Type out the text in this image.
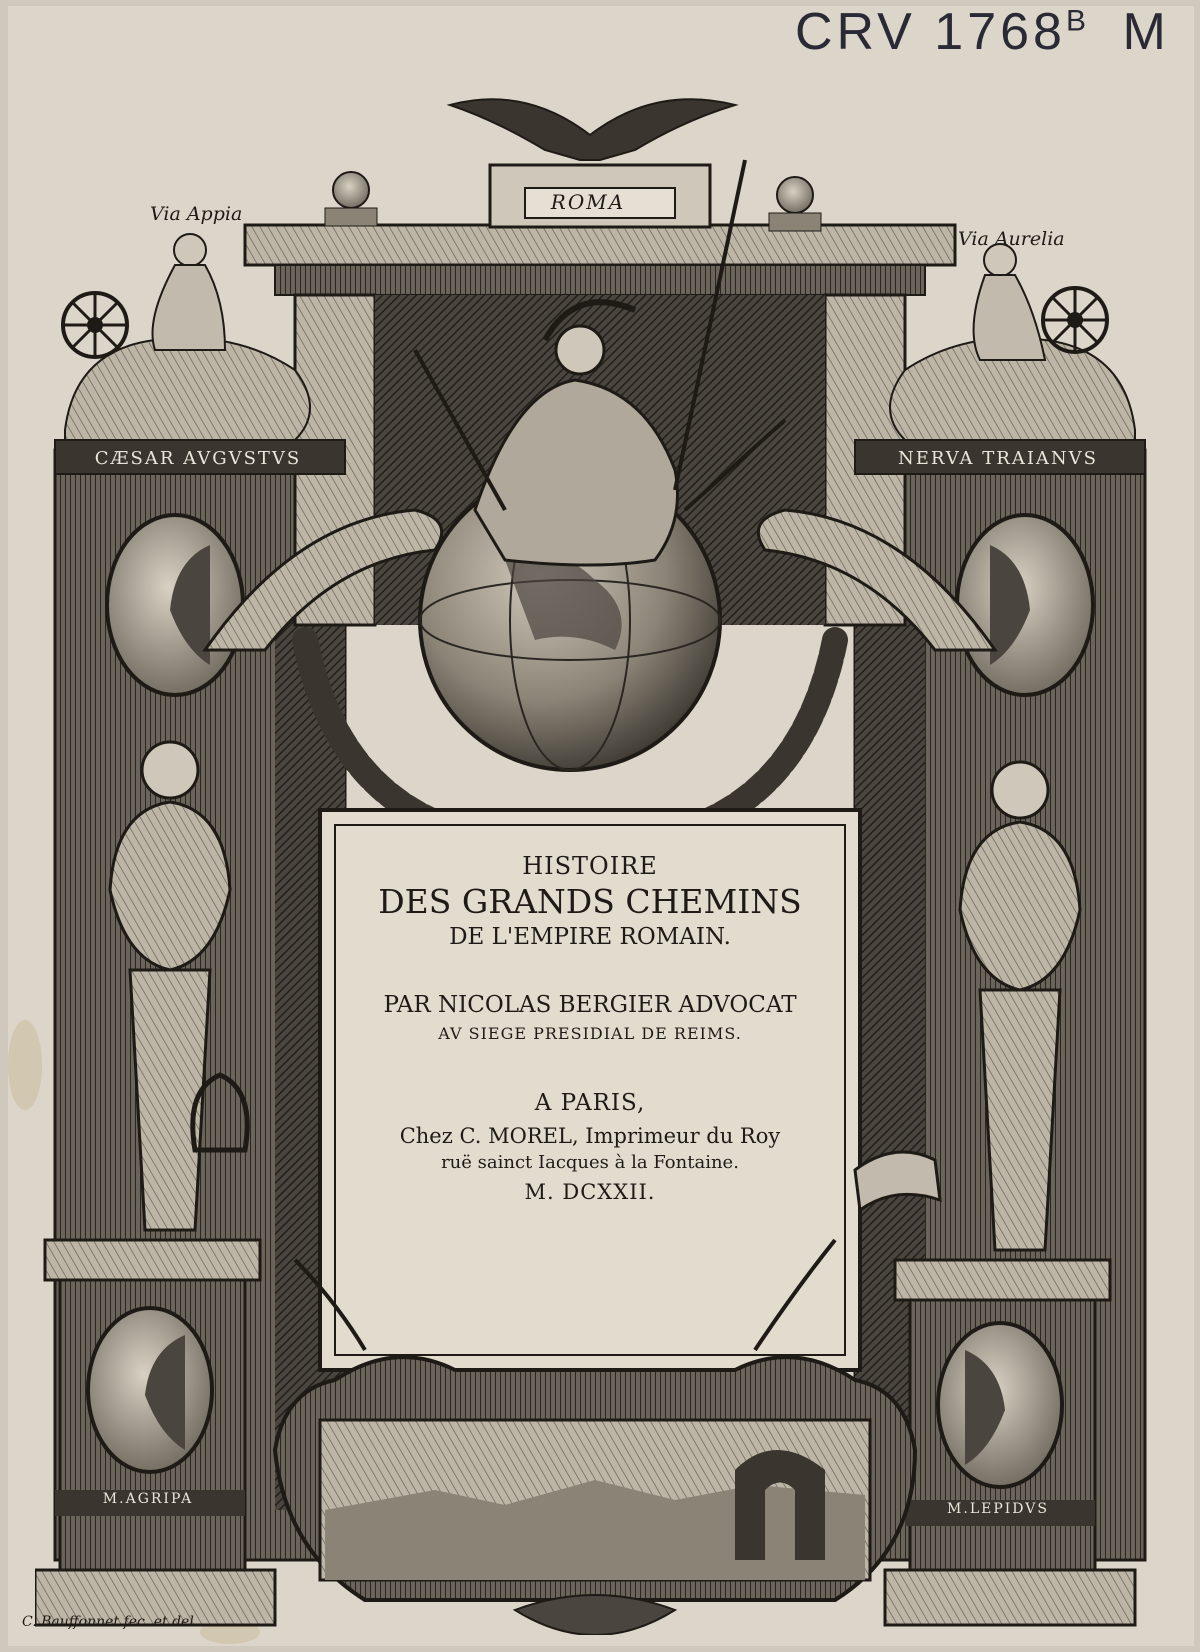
CRV $1768^B$ M
Via Appia
Via Aurelia
ROMA
CÆSAR AVGVSTVS	NERVA TRAIANVS
M.AGRIPA
M.LEPIDVS
C. Bauffonnet fec. et del.
HISTOIRE
DES GRANDS CHEMINS
DE L'EMPIRE ROMAIN.
PAR NICOLAS BERGIER ADVOCAT
AV SIEGE PRESIDIAL DE REIMS.
A PARIS,
Chez C. MOREL, Imprimeur du Roy
ruë sainct Iacques à la Fontaine.
M. DCXXII.
